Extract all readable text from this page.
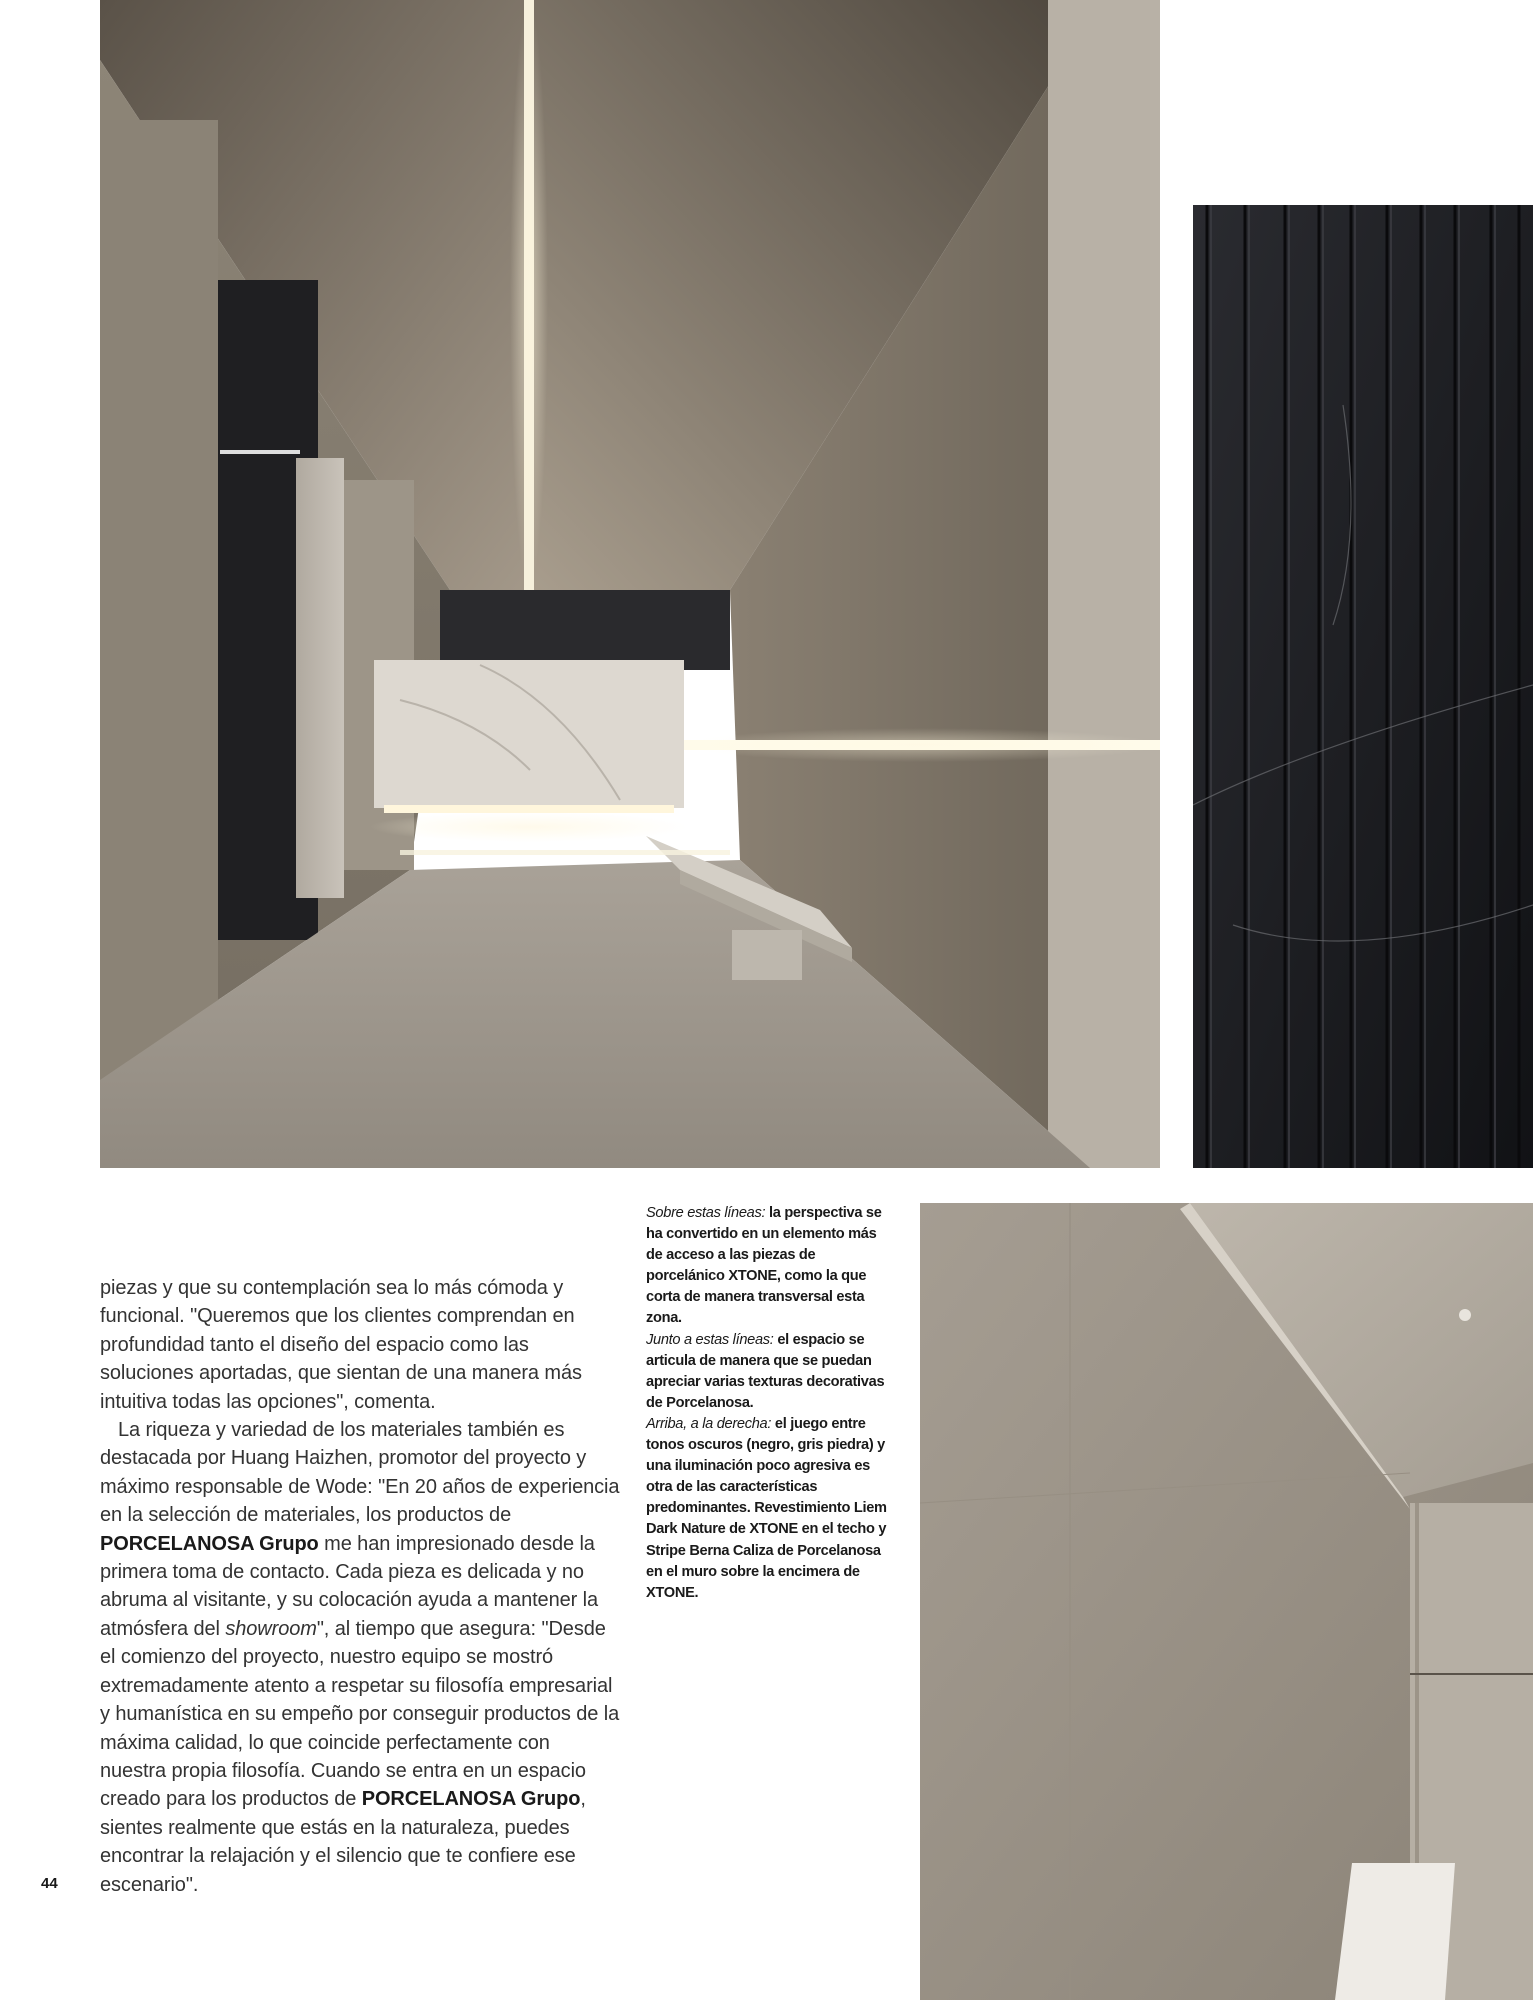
piezas y que su contemplación sea lo más cómoda y funcional. "Queremos que los clientes comprendan en profundidad tanto el diseño del espacio como las soluciones aportadas, que sientan de una manera más intuitiva todas las opciones", comenta.

La riqueza y variedad de los materiales también es destacada por Huang Haizhen, promotor del proyecto y máximo responsable de Wode: "En 20 años de experiencia en la selección de materiales, los productos de PORCELANOSA Grupo me han impresionado desde la primera toma de contacto. Cada pieza es delicada y no abruma al visitante, y su colocación ayuda a mantener la atmósfera del showroom", al tiempo que asegura: "Desde el comienzo del proyecto, nuestro equipo se mostró extremadamente atento a respetar su filosofía empresarial y humanística en su empeño por conseguir productos de la máxima calidad, lo que coincide perfectamente con nuestra propia filosofía. Cuando se entra en un espacio creado para los productos de PORCELANOSA Grupo, sientes realmente que estás en la naturaleza, puedes encontrar la relajación y el silencio que te confiere ese escenario".

Sobre estas líneas: la perspectiva se ha convertido en un elemento más de acceso a las piezas de porcelánico XTONE, como la que corta de manera transversal esta zona.

Junto a estas líneas: el espacio se articula de manera que se puedan apreciar varias texturas decorativas de Porcelanosa.

Arriba, a la derecha: el juego entre tonos oscuros (negro, gris piedra) y una iluminación poco agresiva es otra de las características predominantes. Revestimiento Liem Dark Nature de XTONE en el techo y Stripe Berna Caliza de Porcelanosa en el muro sobre la encimera de XTONE.

44
